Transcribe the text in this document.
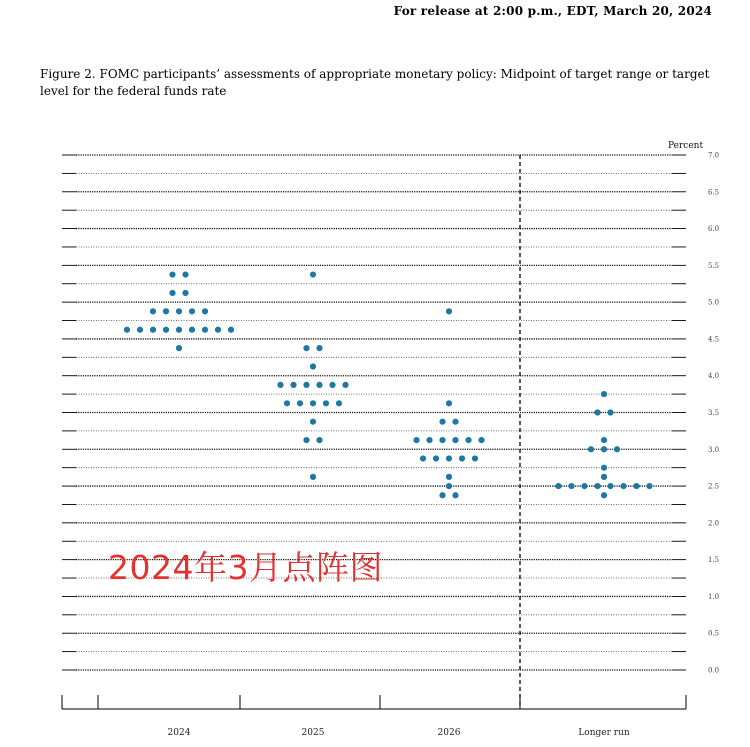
For release at 2:00 p.m., EDT, March 20, 2024
Figure 2. FOMC participants’ assessments of appropriate monetary policy: Midpoint of target range or target level for the federal funds rate
0.0
0.5
1.0
1.5
2.0
2.5
3.0
3.5
4.0
4.5
5.0
5.5
6.0
6.5
7.0
2024	2025	2026	Longer run
Percent
2024年3月点阵图
